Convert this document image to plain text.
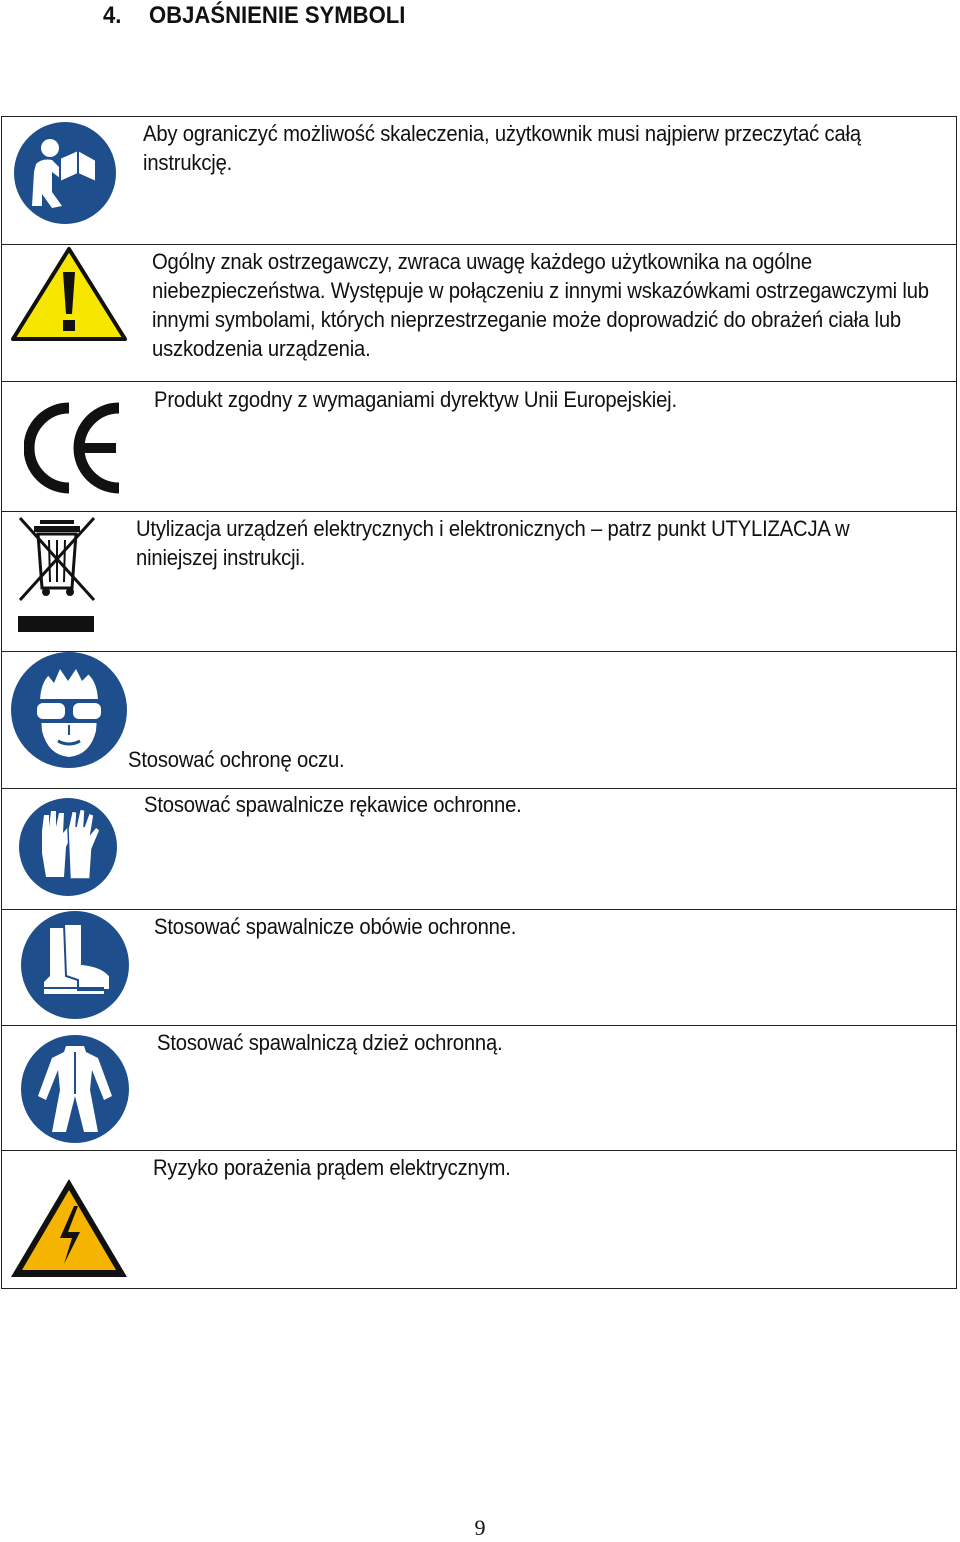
4. OBJAŚNIENIE SYMBOLI
Aby ograniczyć możliwość skaleczenia, użytkownik musi najpierw przeczytać całą instrukcję.
Ogólny znak ostrzegawczy, zwraca uwagę każdego użytkownika na ogólne niebezpieczeństwa. Występuje w połączeniu z innymi wskazówkami ostrzegawczymi lub innymi symbolami, których nieprzestrzeganie może doprowadzić do obrażeń ciała lub uszkodzenia urządzenia.
Produkt zgodny z wymaganiami dyrektyw Unii Europejskiej.
Utylizacja urządzeń elektrycznych i elektronicznych – patrz punkt UTYLIZACJA w niniejszej instrukcji.
Stosować ochronę oczu.
Stosować spawalnicze rękawice ochronne.
Stosować spawalnicze obówie ochronne.
Stosować spawalniczą dzież ochronną.
Ryzyko porażenia prądem elektrycznym.
9
